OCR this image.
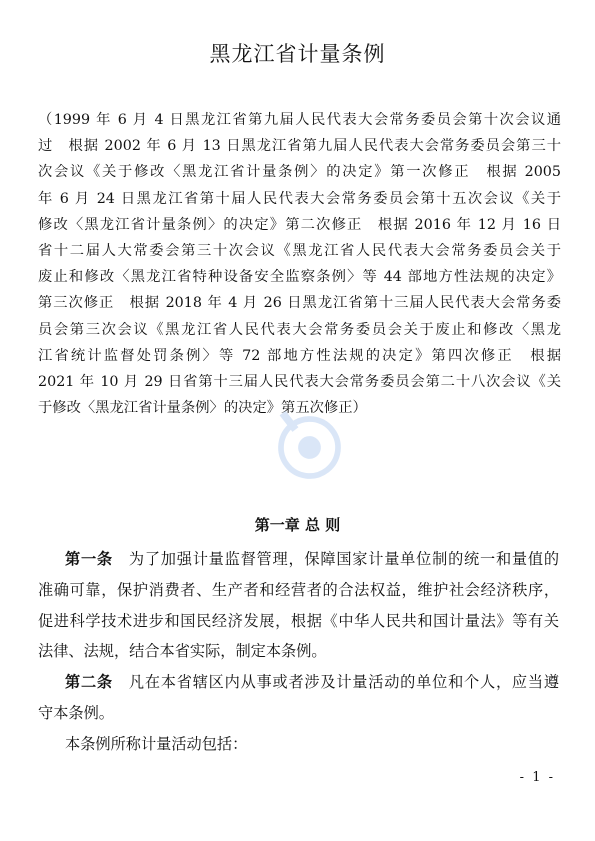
黑龙江省计量条例
（1999 年 6 月 4 日黑龙江省第九届人民代表大会常务委员会第十次会议通
过　根据 2002 年 6 月 13 日黑龙江省第九届人民代表大会常务委员会第三十
次会议《关于修改〈黑龙江省计量条例〉的决定》第一次修正　根据 2005
年 6 月 24 日黑龙江省第十届人民代表大会常务委员会第十五次会议《关于
修改〈黑龙江省计量条例〉的决定》第二次修正　根据 2016 年 12 月 16 日
省十二届人大常委会第三十次会议《黑龙江省人民代表大会常务委员会关于
废止和修改〈黑龙江省特种设备安全监察条例〉等 44 部地方性法规的决定》
第三次修正　根据 2018 年 4 月 26 日黑龙江省第十三届人民代表大会常务委
员会第三次会议《黑龙江省人民代表大会常务委员会关于废止和修改〈黑龙
江省统计监督处罚条例〉等 72 部地方性法规的决定》第四次修正　根据
2021 年 10 月 29 日省第十三届人民代表大会常务委员会第二十八次会议《关
于修改〈黑龙江省计量条例〉的决定》第五次修正）
第一章 总 则
第一条　 为了加强计量监督管理，保障国家计量单位制的统一和量值的
准确可靠，保护消费者、生产者和经营者的合法权益，维护社会经济秩序，
促进科学技术进步和国民经济发展，根据《中华人民共和国计量法》等有关
法律、法规，结合本省实际，制定本条例。
第二条　 凡在本省辖区内从事或者涉及计量活动的单位和个人，应当遵
守本条例。
本条例所称计量活动包括：
- 1 -
